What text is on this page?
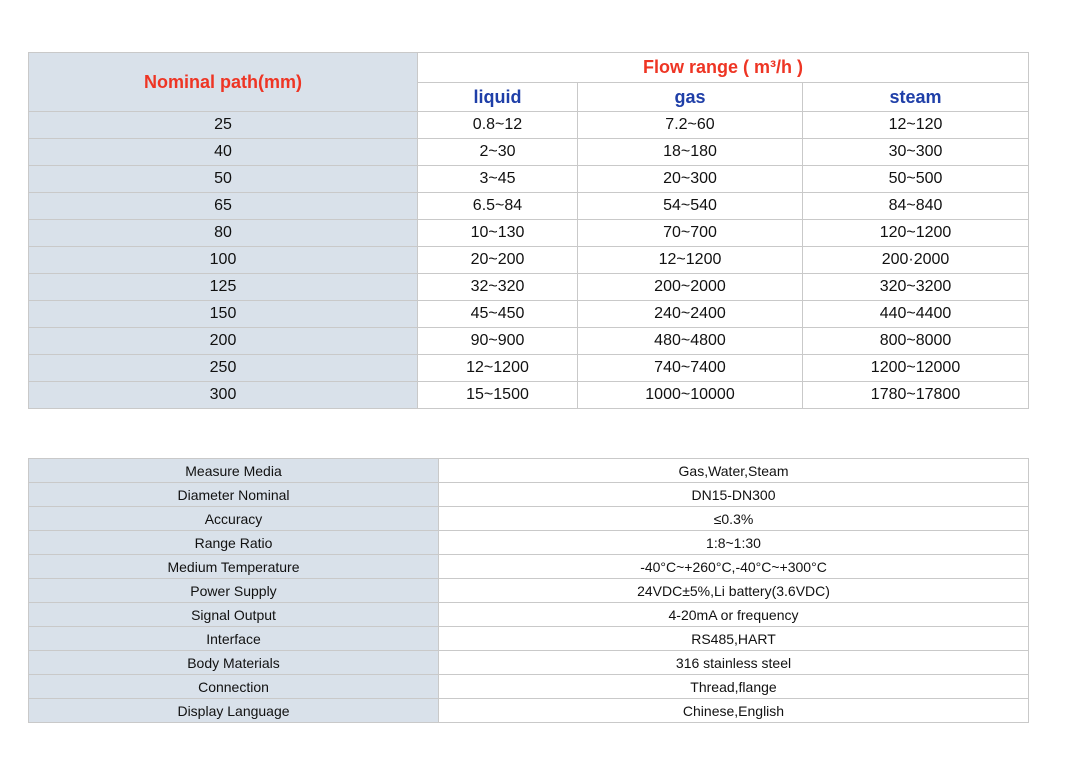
Nominal path(mm)	Flow range ( m³/h )		
	liquid	gas	steam
25	0.8~12	7.2~60	12~120
40	2~30	18~180	30~300
50	3~45	20~300	50~500
65	6.5~84	54~540	84~840
80	10~130	70~700	120~1200
100	20~200	12~1200	200·2000
125	32~320	200~2000	320~3200
150	45~450	240~2400	440~4400
200	90~900	480~4800	800~8000
250	12~1200	740~7400	1200~12000
300	15~1500	1000~10000	1780~17800
Measure Media	Gas,Water,Steam
Diameter Nominal	DN15-DN300
Accuracy	≤0.3%
Range Ratio	1:8~1:30
Medium Temperature	-40°C~+260°C,-40°C~+300°C
Power Supply	24VDC±5%,Li battery(3.6VDC)
Signal Output	4-20mA or frequency
Interface	RS485,HART
Body Materials	316 stainless steel
Connection	Thread,flange
Display Language	Chinese,English
